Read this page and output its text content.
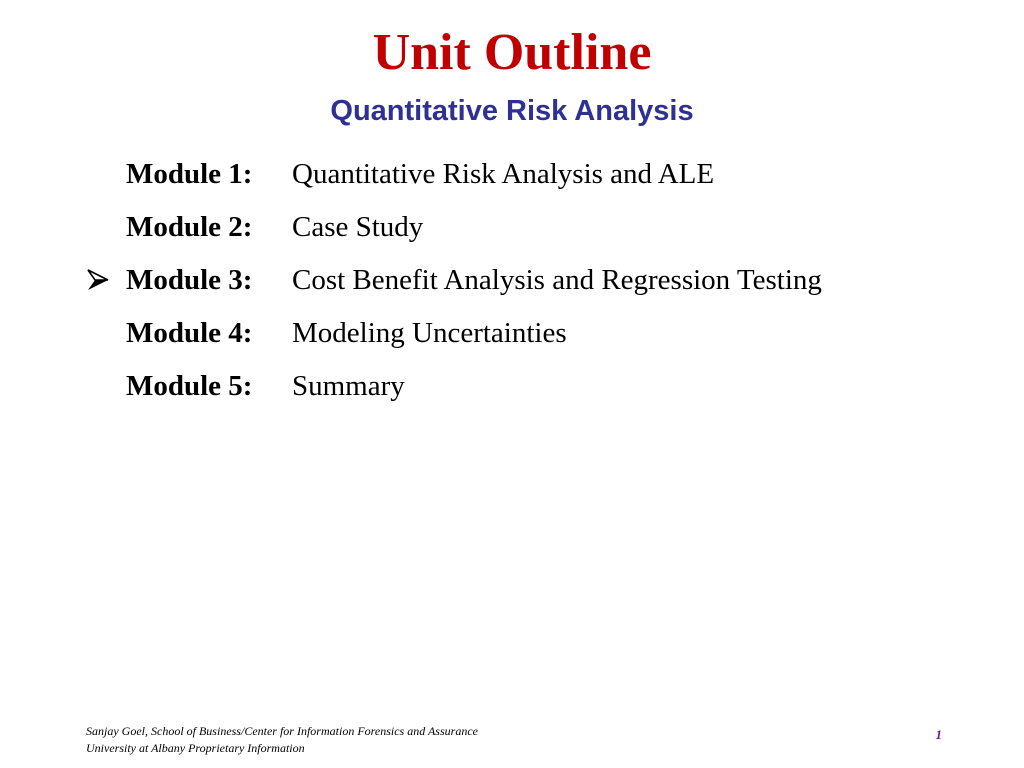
Unit Outline
Quantitative Risk Analysis
Module 1: Quantitative Risk Analysis and ALE
Module 2: Case Study
Module 3: Cost Benefit Analysis and Regression Testing
Module 4: Modeling Uncertainties
Module 5: Summary
Sanjay Goel, School of Business/Center for Information Forensics and Assurance
University at Albany Proprietary Information
1
